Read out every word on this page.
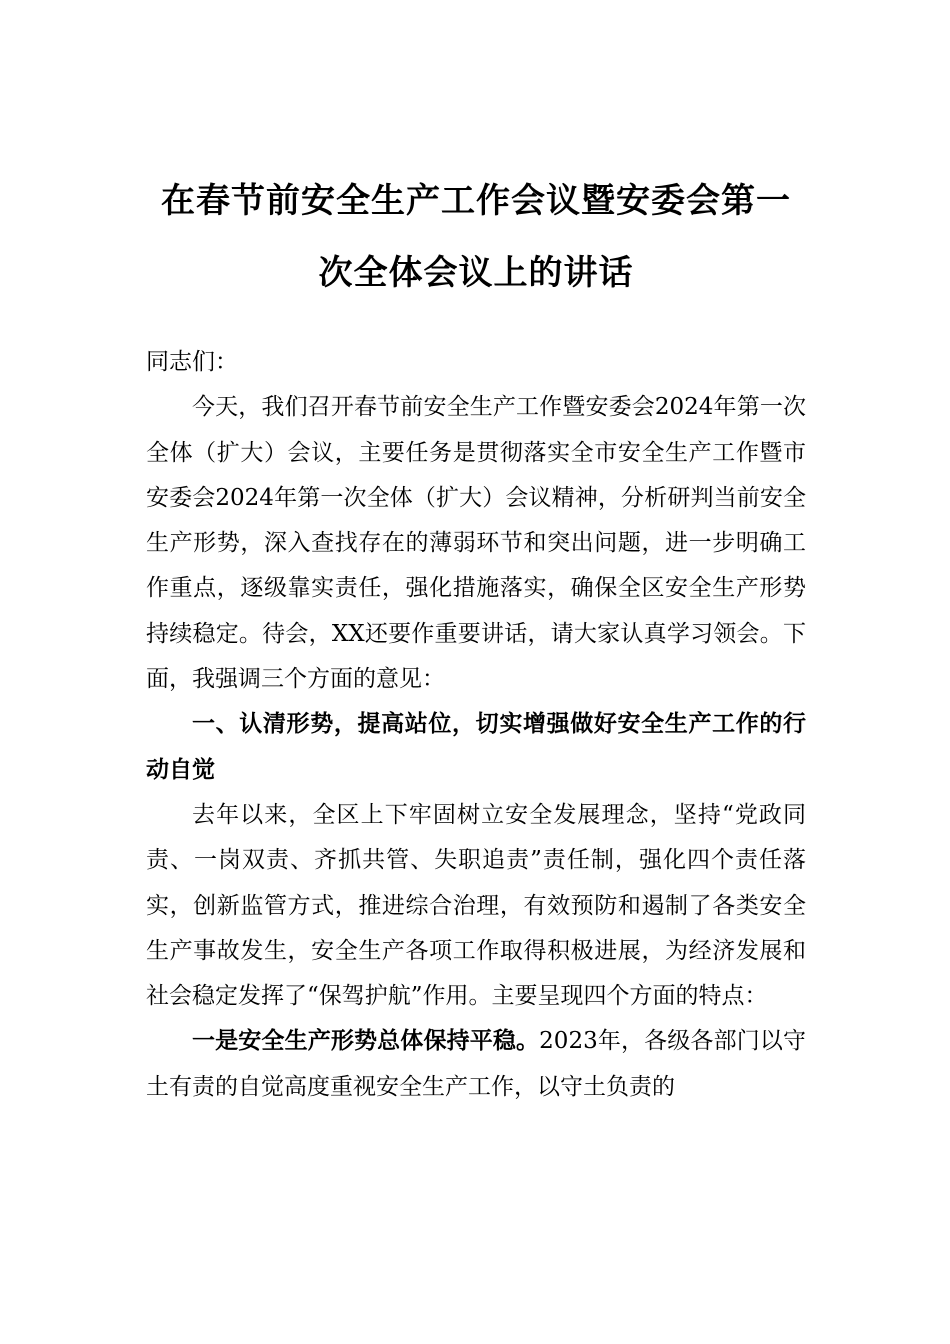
在春节前安全生产工作会议暨安委会第一
次全体会议上的讲话

同志们：

今天，我们召开春节前安全生产工作暨安委会2024年第一次全体（扩大）会议，主要任务是贯彻落实全市安全生产工作暨市安委会2024年第一次全体（扩大）会议精神，分析研判当前安全生产形势，深入查找存在的薄弱环节和突出问题，进一步明确工作重点，逐级靠实责任，强化措施落实，确保全区安全生产形势持续稳定。待会，XX还要作重要讲话，请大家认真学习领会。下面，我强调三个方面的意见：

一、认清形势，提高站位，切实增强做好安全生产工作的行动自觉

去年以来，全区上下牢固树立安全发展理念，坚持“党政同责、一岗双责、齐抓共管、失职追责”责任制，强化四个责任落实，创新监管方式，推进综合治理，有效预防和遏制了各类安全生产事故发生，安全生产各项工作取得积极进展，为经济发展和社会稳定发挥了“保驾护航”作用。主要呈现四个方面的特点：

一是安全生产形势总体保持平稳。2023年，各级各部门以守土有责的自觉高度重视安全生产工作，以守土负责的
